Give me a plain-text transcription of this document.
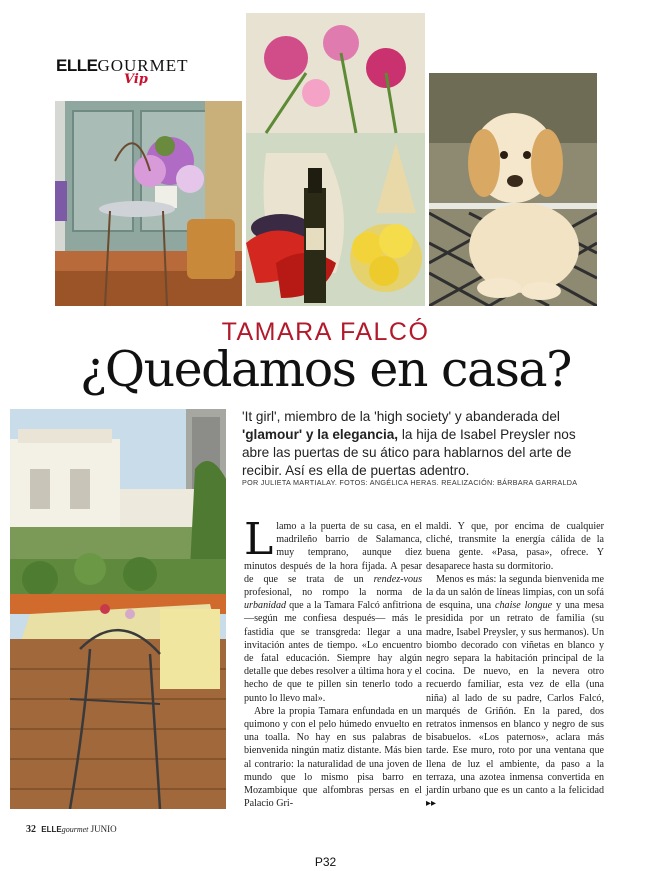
ELLEGOURMET
Vip
TAMARA FALCÓ
¿Quedamos en casa?
'It girl', miembro de la 'high society' y abanderada del 'glamour' y la elegancia, la hija de Isabel Preysler nos abre las puertas de su ático para hablarnos del arte de recibir. Así es ella de puertas adentro.
POR JULIETA MARTIALAY. FOTOS: ANGÉLICA HERAS. REALIZACIÓN: BÁRBARA GARRALDA

Llamo a la puerta de su casa, en el madrileño barrio de Salamanca, muy temprano, aunque diez minutos después de la hora fijada. A pesar de que se trata de un rendez-vous profesional, no rompo la norma de urbanidad que a la Tamara Falcó anfitriona —según me confiesa después— más le fastidia que se transgreda: llegar a una invitación antes de tiempo. «Lo encuentro de fatal educación. Siempre hay algún detalle que debes resolver a última hora y el hecho de que te pillen sin tenerlo todo a punto lo llevo mal».

Abre la propia Tamara enfundada en un quimono y con el pelo húmedo envuelto en una toalla. No hay en sus palabras de bienvenida ningún matiz distante. Más bien al contrario: la naturalidad de una joven de mundo que lo mismo pisa barro en Mozambique que alfombras persas en el Palacio Gri-

maldi. Y que, por encima de cualquier cliché, transmite la energía cálida de la buena gente. «Pasa, pasa», ofrece. Y desaparece hasta su dormitorio.

Menos es más: la segunda bienvenida me la da un salón de líneas limpias, con un sofá de esquina, una chaise longue y una mesa presidida por un retrato de familia (su madre, Isabel Preysler, y sus hermanos). Un biombo decorado con viñetas en blanco y negro separa la habitación principal de la cocina. De nuevo, en la nevera otro recuerdo familiar, esta vez de ella (una niña) al lado de su padre, Carlos Falcó, marqués de Griñón. En la pared, dos retratos inmensos en blanco y negro de sus bisabuelos. «Los paternos», aclara más tarde. Ese muro, roto por una ventana que llena de luz el ambiente, da paso a la terraza, una azotea inmensa convertida en jardín urbano que es un canto a la felicidad ▸▸

32 ELLEgourmet JUNIO
P32
